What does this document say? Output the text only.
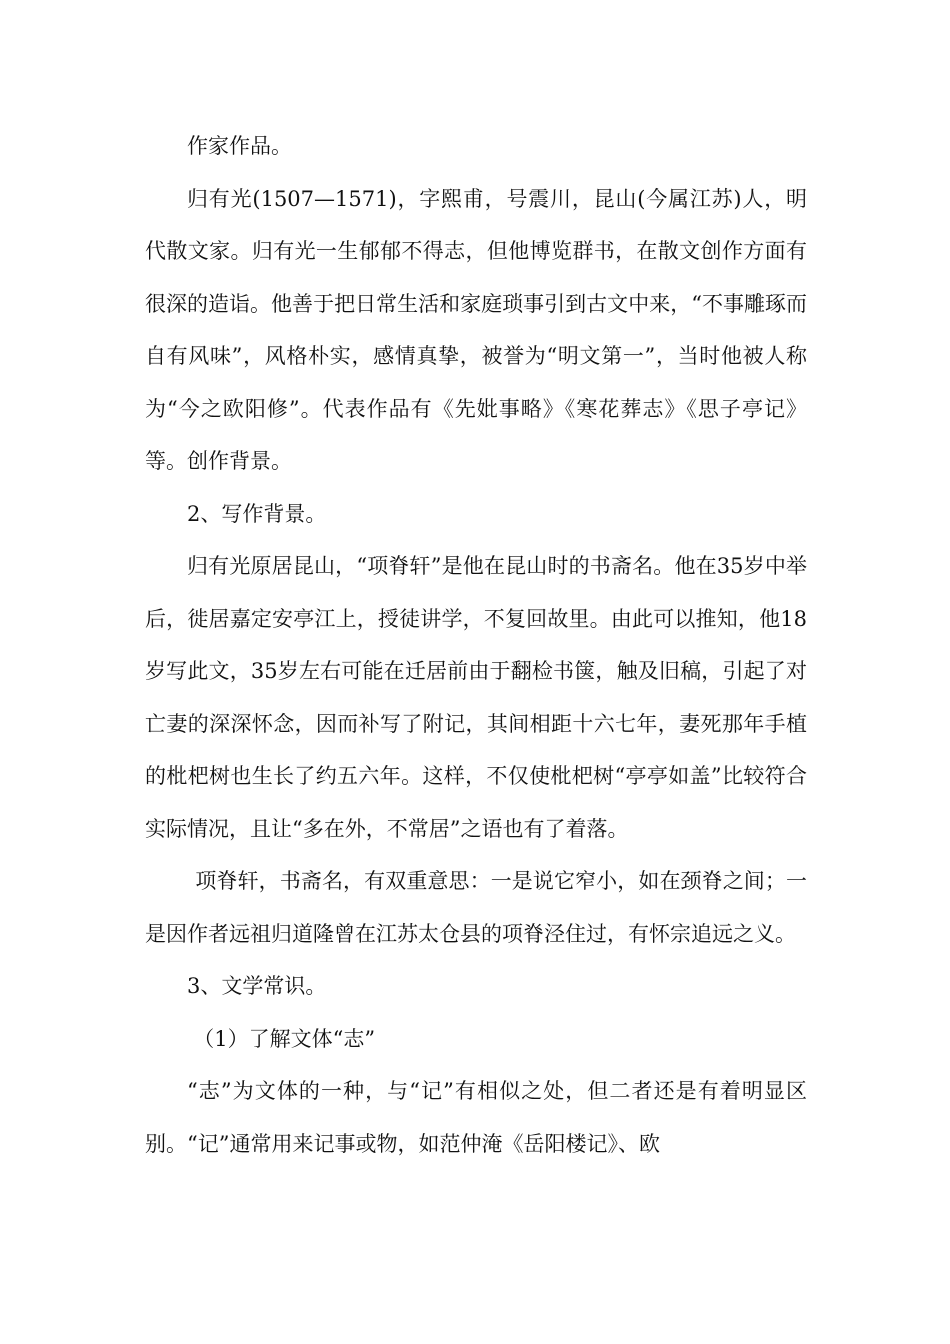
作家作品。

归有光(1507—1571)，字熙甫，号震川，昆山(今属江苏)人，明代散文家。归有光一生郁郁不得志，但他博览群书，在散文创作方面有很深的造诣。他善于把日常生活和家庭琐事引到古文中来，“不事雕琢而自有风味”，风格朴实，感情真挚，被誉为“明文第一”，当时他被人称为“今之欧阳修”。代表作品有《先妣事略》《寒花葬志》《思子亭记》等。创作背景。

2、写作背景。

归有光原居昆山，“项脊轩”是他在昆山时的书斋名。他在35岁中举后，徙居嘉定安亭江上，授徒讲学，不复回故里。由此可以推知，他18岁写此文，35岁左右可能在迁居前由于翻检书箧，触及旧稿，引起了对亡妻的深深怀念，因而补写了附记，其间相距十六七年，妻死那年手植的枇杷树也生长了约五六年。这样，不仅使枇杷树“亭亭如盖”比较符合实际情况，且让“多在外，不常居”之语也有了着落。

项脊轩，书斋名，有双重意思：一是说它窄小，如在颈脊之间；一是因作者远祖归道隆曾在江苏太仓县的项脊泾住过，有怀宗追远之义。

3、文学常识。

（1）了解文体“志”

“志”为文体的一种，与“记”有相似之处，但二者还是有着明显区别。“记”通常用来记事或物，如范仲淹《岳阳楼记》、欧
